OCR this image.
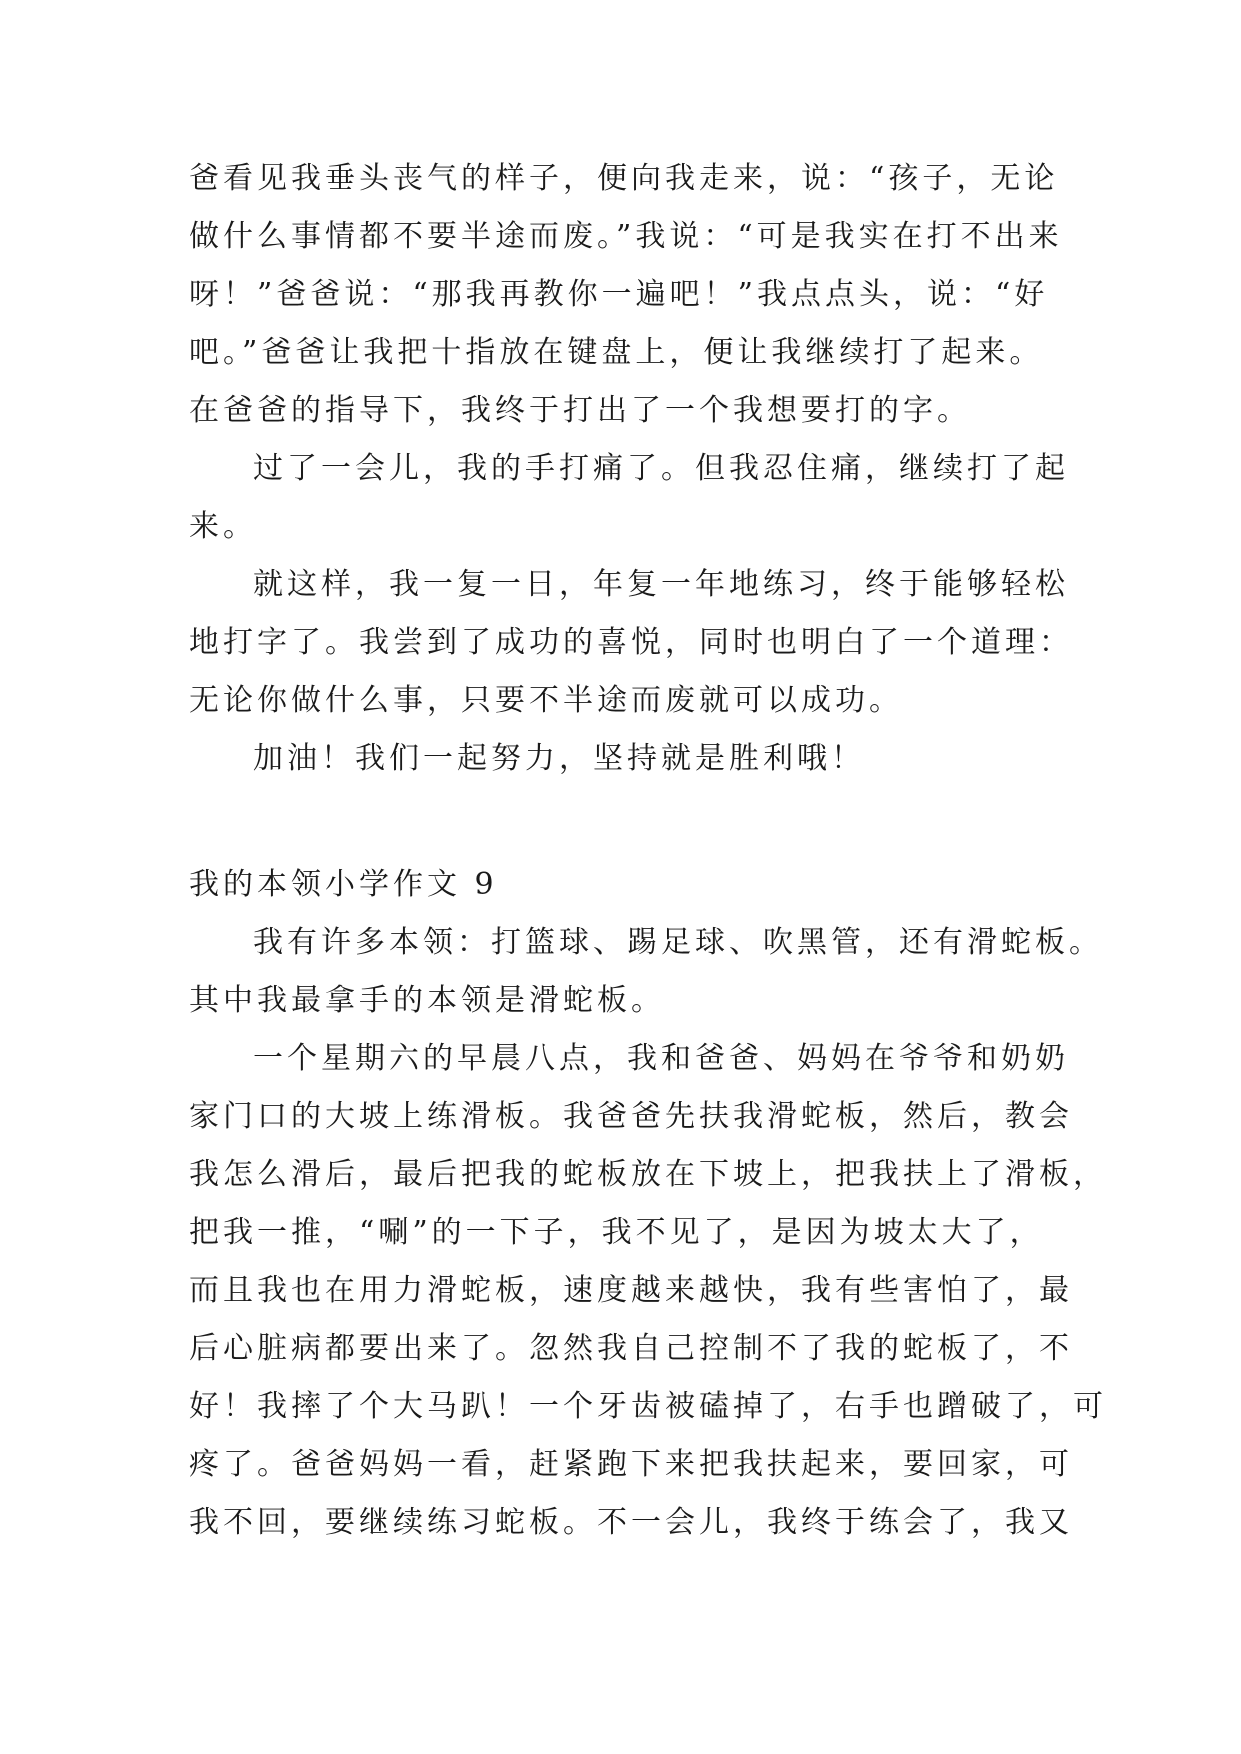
爸看见我垂头丧气的样子，便向我走来，说：“孩子，无论
做什么事情都不要半途而废。”我说：“可是我实在打不出来
呀！”爸爸说：“那我再教你一遍吧！”我点点头，说：“好
吧。”爸爸让我把十指放在键盘上，便让我继续打了起来。
在爸爸的指导下，我终于打出了一个我想要打的字。
过了一会儿，我的手打痛了。但我忍住痛，继续打了起
来。
就这样，我一复一日，年复一年地练习，终于能够轻松
地打字了。我尝到了成功的喜悦，同时也明白了一个道理：
无论你做什么事，只要不半途而废就可以成功。
加油！我们一起努力，坚持就是胜利哦！
我的本领小学作文 9
我有许多本领：打篮球、踢足球、吹黑管，还有滑蛇板。
其中我最拿手的本领是滑蛇板。
一个星期六的早晨八点，我和爸爸、妈妈在爷爷和奶奶
家门口的大坡上练滑板。我爸爸先扶我滑蛇板，然后，教会
我怎么滑后，最后把我的蛇板放在下坡上，把我扶上了滑板，
把我一推，“唰”的一下子，我不见了，是因为坡太大了，
而且我也在用力滑蛇板，速度越来越快，我有些害怕了，最
后心脏病都要出来了。忽然我自己控制不了我的蛇板了，不
好！我摔了个大马趴！一个牙齿被磕掉了，右手也蹭破了，可
疼了。爸爸妈妈一看，赶紧跑下来把我扶起来，要回家，可
我不回，要继续练习蛇板。不一会儿，我终于练会了，我又
